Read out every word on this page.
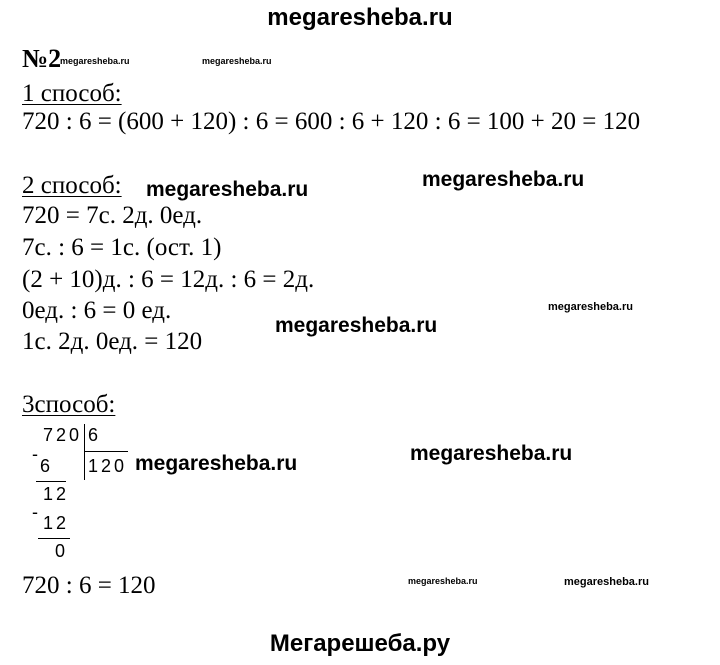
megaresheba.ru
№2
megaresheba.ru	megaresheba.ru
1 способ:
720 : 6 = (600 + 120) : 6 = 600 : 6 + 120 : 6 = 100 + 20 = 120
2 способ: megaresheba.ru	megaresheba.ru
720 = 7с. 2д. 0ед.
7с. : 6 = 1с. (ост. 1)
(2 + 10)д. : 6 = 12д. : 6 = 2д.
0ед. : 6 = 0 ед.	megaresheba.ru
megaresheba.ru
1с. 2д. 0ед. = 120
3способ:
720 6
120 megaresheba.ru	megaresheba.ru
-
6
12
-
12
0
720 : 6 = 120	megaresheba.ru	megaresheba.ru
Мегарешеба.ру
